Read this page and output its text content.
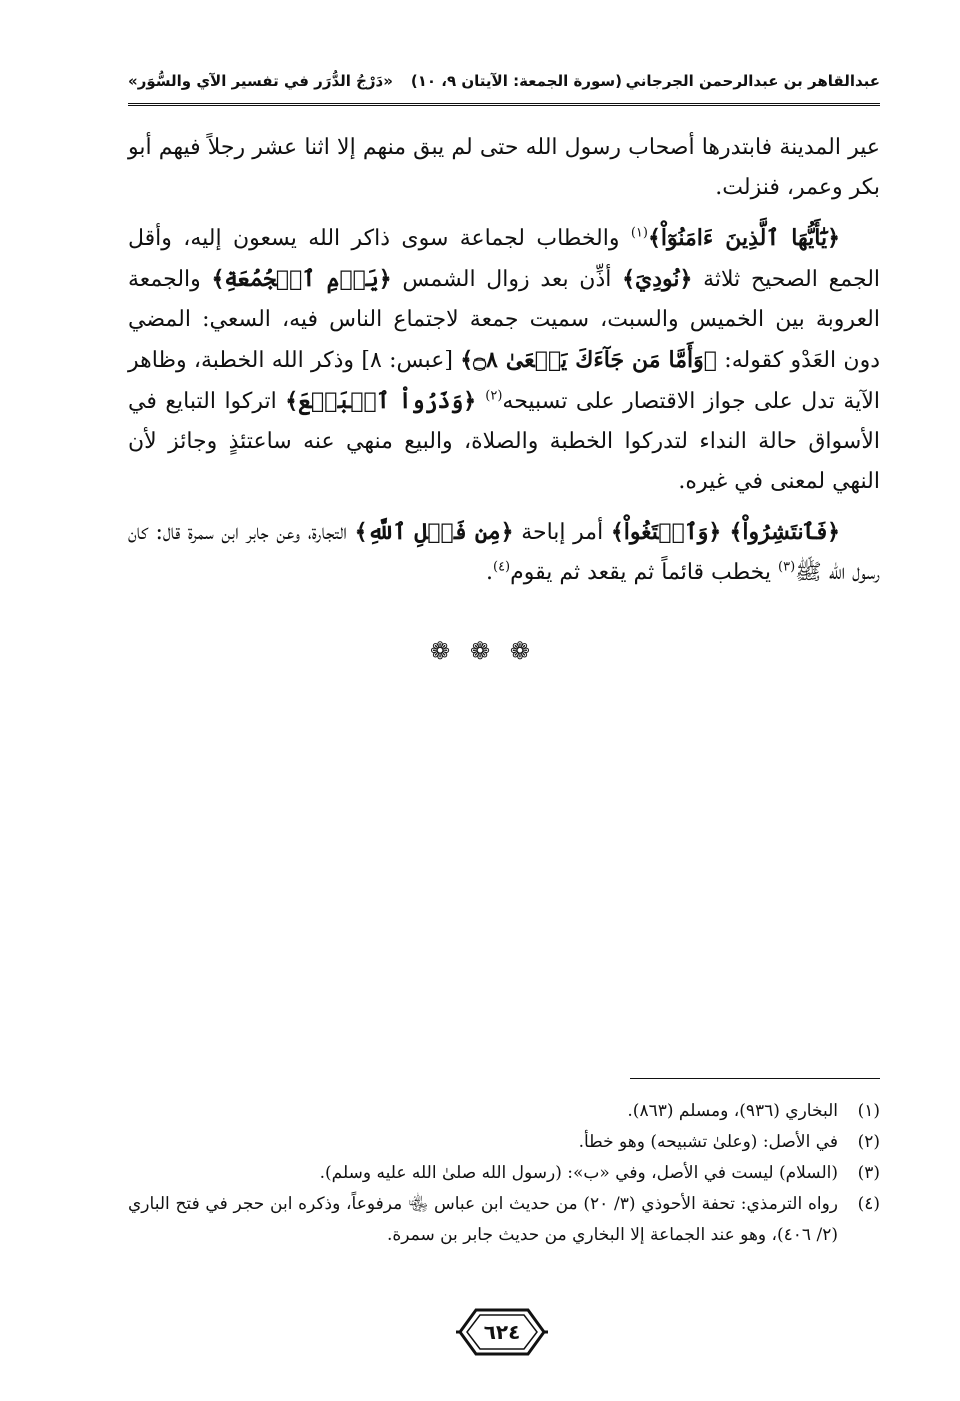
عبدالقاهر بن عبدالرحمن الجرجاني
(سورة الجمعة: الآيتان ٩، ١٠)
«دَرْجُ الدُّرَر في تفسير الآي والسُّوَر»

عير المدينة فابتدرها أصحاب رسول الله حتى لم يبق منهم إلا اثنا عشر رجلاً فيهم أبو بكر وعمر، فنزلت.

﴿يَٰٓأَيُّهَا ٱلَّذِينَ ءَامَنُوٓاْ﴾$^{(١)}$ والخطاب لجماعة سوى ذاكر الله يسعون إليه، وأقل الجمع الصحيح ثلاثة ﴿نُودِيَ﴾ أذِّن بعد زوال الشمس ﴿يَوۡمِ ٱلۡجُمُعَةِ﴾ والجمعة العروبة بين الخميس والسبت، سميت جمعة لاجتماع الناس فيه، السعي: المضي دون العَدْو كقوله: ﴿وَأَمَّا مَن جَآءَكَ يَسۡعَىٰ ۝٨﴾ [عبس: ٨] وذكر الله الخطبة، وظاهر الآية تدل على جواز الاقتصار على تسبيحه$^{(٢)}$ ﴿وَذَرُواْ ٱلۡبَيۡعَ﴾ اتركوا التبايع في الأسواق حالة النداء لتدركوا الخطبة والصلاة، والبيع منهي عنه ساعتئذٍ وجائز لأن النهي لمعنى في غيره.

﴿فَٱنتَشِرُواْ﴾ ﴿وَٱبۡتَغُواْ﴾ أمر إباحة ﴿مِن فَضۡلِ ٱللَّهِ﴾ التجارة، وعن جابر ابن سمرة قال: كان رسول الله ﷺ$^{(٣)}$ يخطب قائماً ثم يقعد ثم يقوم$^{(٤)}$.

❁ ❁ ❁
(١)
البخاري (٩٣٦)، ومسلم (٨٦٣).
(٢)
في الأصل: (وعلىٰ تشبيحه) وهو خطأ.
(٣)
(السلام) ليست في الأصل، وفي «ب»: (رسول الله صلىٰ الله عليه وسلم).
(٤)
رواه الترمذي: تحفة الأحوذي (٣/ ٢٠) من حديث ابن عباس ﵄ مرفوعاً، وذكره ابن حجر في فتح الباري (٢/ ٤٠٦)، وهو عند الجماعة إلا البخاري من حديث جابر بن سمرة.
٦٢٤
